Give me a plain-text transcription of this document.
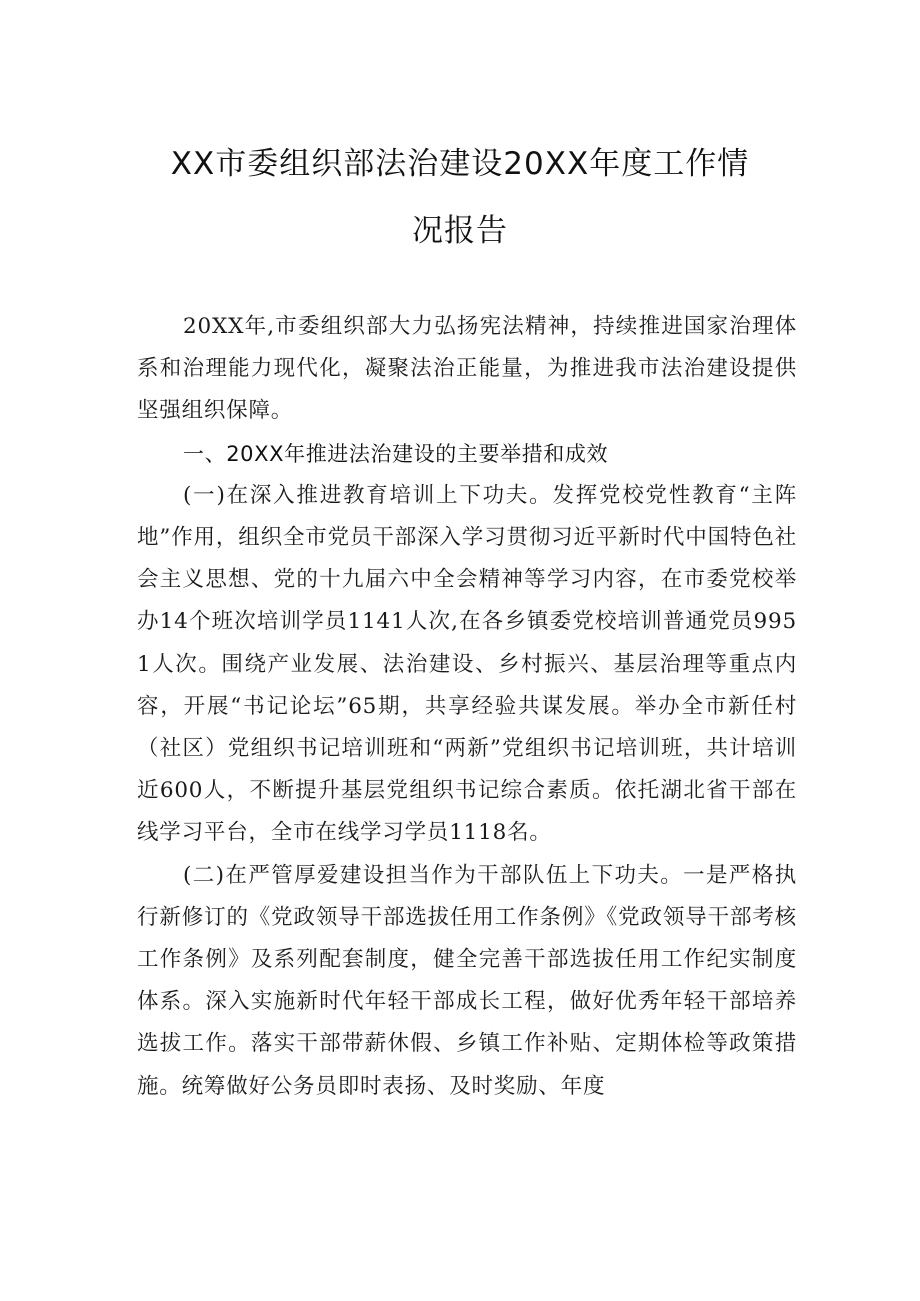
XX市委组织部法治建设20XX年度工作情
况报告

20XX年,市委组织部大力弘扬宪法精神，持续推进国家治理体系和治理能力现代化，凝聚法治正能量，为推进我市法治建设提供坚强组织保障。

一、20XX年推进法治建设的主要举措和成效

(一)在深入推进教育培训上下功夫。发挥党校党性教育“主阵地”作用，组织全市党员干部深入学习贯彻习近平新时代中国特色社会主义思想、党的十九届六中全会精神等学习内容，在市委党校举办14个班次培训学员1141人次,在各乡镇委党校培训普通党员9951人次。围绕产业发展、法治建设、乡村振兴、基层治理等重点内容，开展“书记论坛”65期，共享经验共谋发展。举办全市新任村（社区）党组织书记培训班和“两新”党组织书记培训班，共计培训近600人，不断提升基层党组织书记综合素质。依托湖北省干部在线学习平台，全市在线学习学员1118名。

(二)在严管厚爱建设担当作为干部队伍上下功夫。一是严格执行新修订的《党政领导干部选拔任用工作条例》《党政领导干部考核工作条例》及系列配套制度，健全完善干部选拔任用工作纪实制度体系。深入实施新时代年轻干部成长工程，做好优秀年轻干部培养选拔工作。落实干部带薪休假、乡镇工作补贴、定期体检等政策措施。统筹做好公务员即时表扬、及时奖励、年度
